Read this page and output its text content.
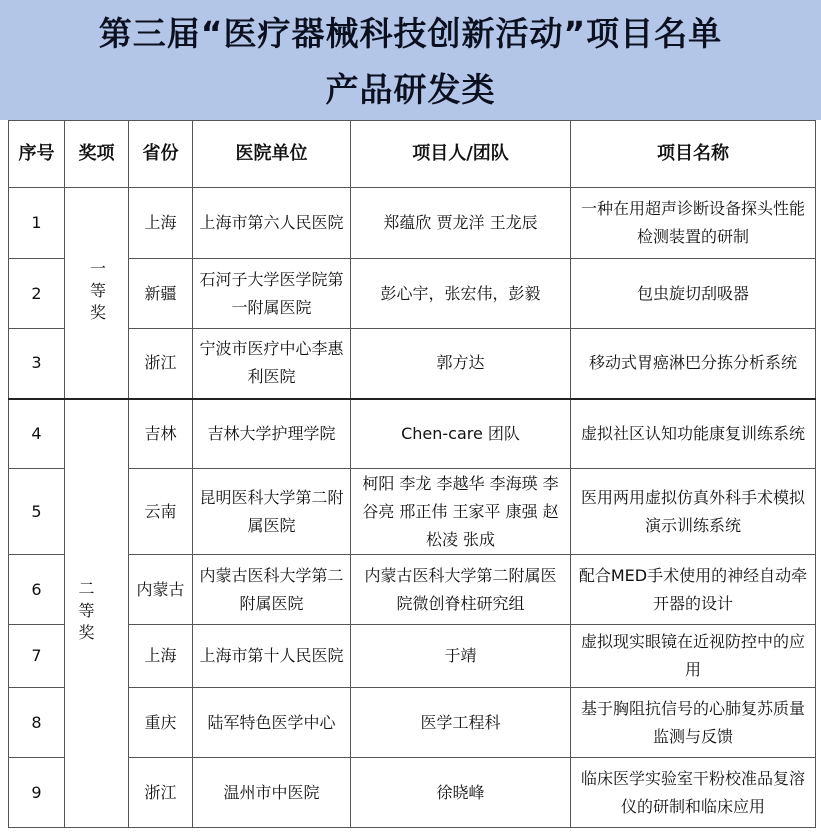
第三届“医疗器械科技创新活动”项目名单
产品研发类
序号	奖项	省份	医院单位	项目人/团队	项目名称
1	一等奖	上海	上海市第六人民医院	郑蕴欣 贾龙洋 王龙辰	一种在用超声诊断设备探头性能检测装置的研制
2		新疆	石河子大学医学院第一附属医院	彭心宇，张宏伟，彭毅	包虫旋切刮吸器
3		浙江	宁波市医疗中心李惠利医院	郭方达	移动式胃癌淋巴分拣分析系统
4	二等奖	吉林	吉林大学护理学院	Chen-care 团队	虚拟社区认知功能康复训练系统
5		云南	昆明医科大学第二附属医院	柯阳 李龙 李越华 李海瑛 李谷亮 邢正伟 王家平 康强 赵松凌 张成	医用两用虚拟仿真外科手术模拟演示训练系统
6		内蒙古	内蒙古医科大学第二附属医院	内蒙古医科大学第二附属医院微创脊柱研究组	配合MED手术使用的神经自动牵开器的设计
7		上海	上海市第十人民医院	于靖	虚拟现实眼镜在近视防控中的应用
8		重庆	陆军特色医学中心	医学工程科	基于胸阻抗信号的心肺复苏质量监测与反馈
9		浙江	温州市中医院	徐晓峰	临床医学实验室干粉校准品复溶仪的研制和临床应用
